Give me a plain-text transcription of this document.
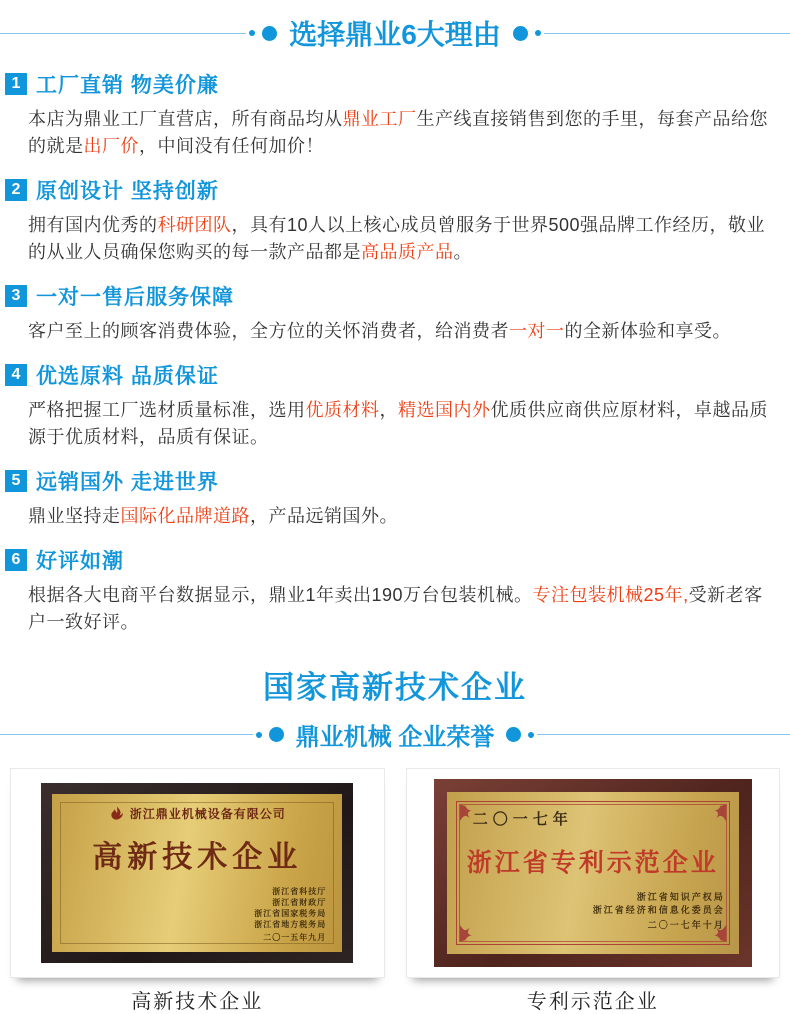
选择鼎业6大理由
1 工厂直销 物美价廉

本店为鼎业工厂直营店，所有商品均从鼎业工厂生产线直接销售到您的手里，每套产品给您的就是出厂价，中间没有任何加价！

2 原创设计 坚持创新

拥有国内优秀的科研团队，具有10人以上核心成员曾服务于世界500强品牌工作经历，敬业的从业人员确保您购买的每一款产品都是高品质产品。

3 一对一售后服务保障

客户至上的顾客消费体验，全方位的关怀消费者，给消费者一对一的全新体验和享受。

4 优选原料 品质保证

严格把握工厂选材质量标准，选用优质材料，精选国内外优质供应商供应原材料，卓越品质源于优质材料，品质有保证。

5 远销国外 走进世界

鼎业坚持走国际化品牌道路，产品远销国外。

6 好评如潮

根据各大电商平台数据显示，鼎业1年卖出190万台包装机械。专注包装机械25年,受新老客户一致好评。

国家高新技术企业
鼎业机械 企业荣誉
浙江鼎业机械设备有限公司
高新技术企业
浙江省科技厅
浙江省财政厅
浙江省国家税务局
浙江省地方税务局
二〇一五年九月
二〇一七年
浙江省专利示范企业
浙江省知识产权局
浙江省经济和信息化委员会
二〇一七年十月
高新技术企业	专利示范企业
